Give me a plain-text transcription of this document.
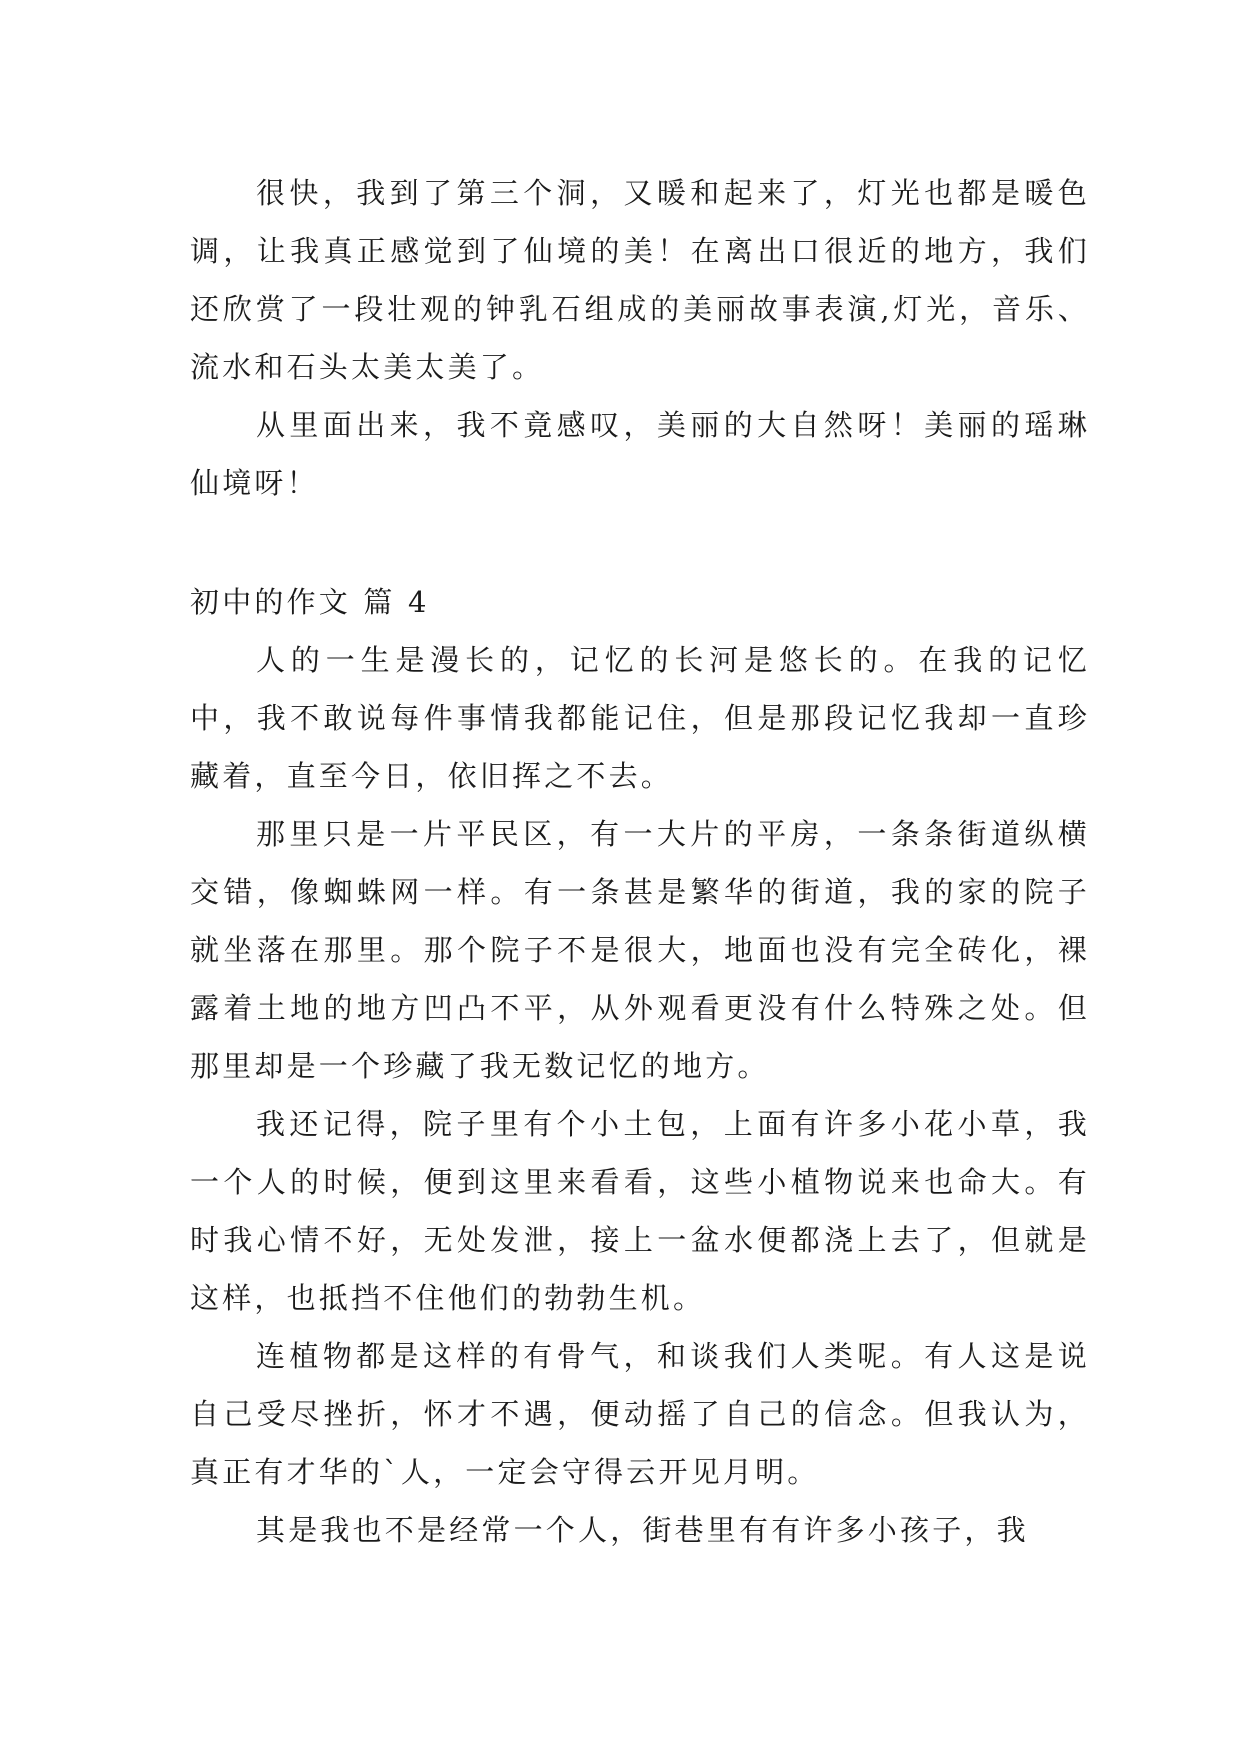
很快，我到了第三个洞，又暖和起来了，灯光也都是暖色调，让我真正感觉到了仙境的美！在离出口很近的地方，我们还欣赏了一段壮观的钟乳石组成的美丽故事表演,灯光，音乐、流水和石头太美太美了。

从里面出来，我不竟感叹，美丽的大自然呀！美丽的瑶琳仙境呀！

初中的作文 篇 4

人的一生是漫长的，记忆的长河是悠长的。在我的记忆中，我不敢说每件事情我都能记住，但是那段记忆我却一直珍藏着，直至今日，依旧挥之不去。

那里只是一片平民区，有一大片的平房，一条条街道纵横交错，像蜘蛛网一样。有一条甚是繁华的街道，我的家的院子就坐落在那里。那个院子不是很大，地面也没有完全砖化，裸露着土地的地方凹凸不平，从外观看更没有什么特殊之处。但那里却是一个珍藏了我无数记忆的地方。

我还记得，院子里有个小土包，上面有许多小花小草，我一个人的时候，便到这里来看看，这些小植物说来也命大。有时我心情不好，无处发泄，接上一盆水便都浇上去了，但就是这样，也抵挡不住他们的勃勃生机。

连植物都是这样的有骨气，和谈我们人类呢。有人这是说自己受尽挫折，怀才不遇，便动摇了自己的信念。但我认为，真正有才华的`人，一定会守得云开见月明。

其是我也不是经常一个人，街巷里有有许多小孩子，我
